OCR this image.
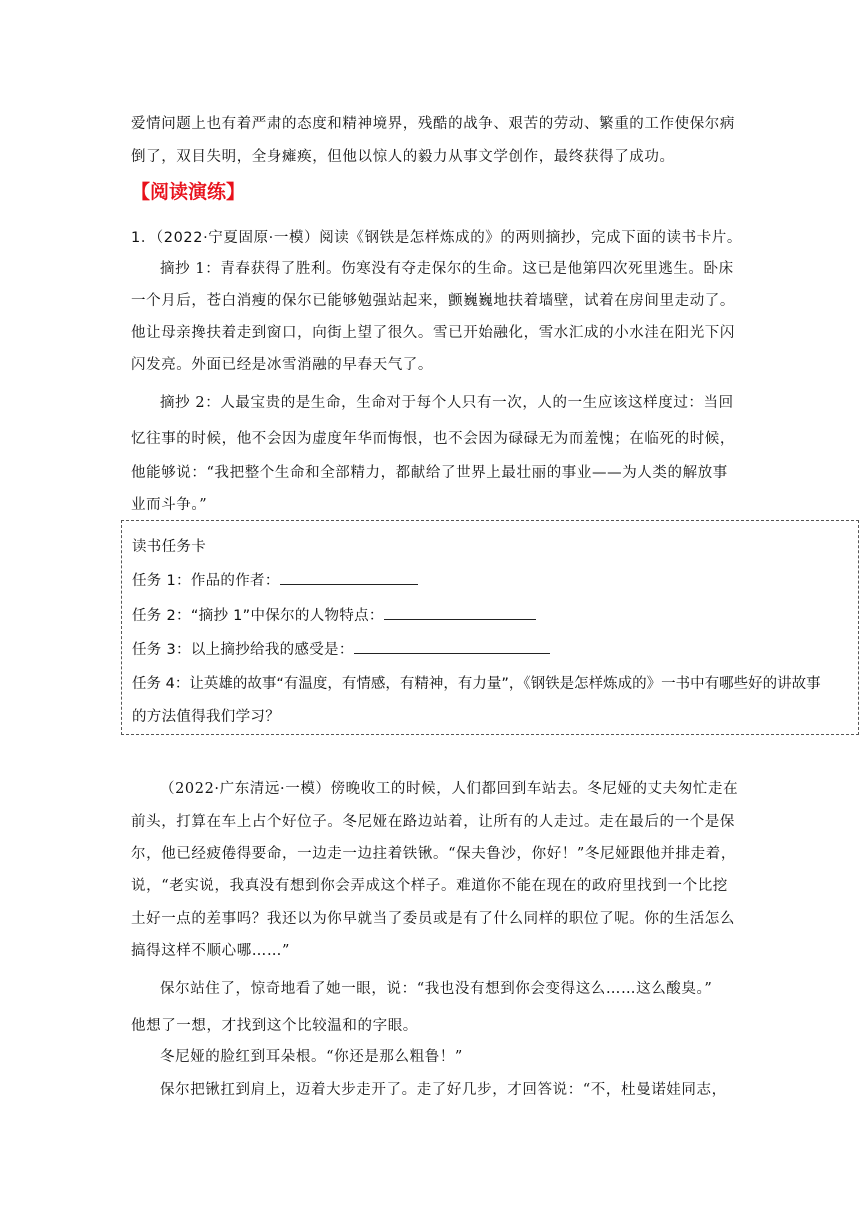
爱情问题上也有着严肃的态度和精神境界，残酷的战争、艰苦的劳动、繁重的工作使保尔病
倒了，双目失明，全身瘫痪，但他以惊人的毅力从事文学创作，最终获得了成功。
【阅读演练】
1．（2022·宁夏固原·一模）阅读《钢铁是怎样炼成的》的两则摘抄，完成下面的读书卡片。
摘抄 1：青春获得了胜利。伤寒没有夺走保尔的生命。这已是他第四次死里逃生。卧床
一个月后，苍白消瘦的保尔已能够勉强站起来，颤巍巍地扶着墙壁，试着在房间里走动了。
他让母亲搀扶着走到窗口，向街上望了很久。雪已开始融化，雪水汇成的小水洼在阳光下闪
闪发亮。外面已经是冰雪消融的早春天气了。
摘抄 2：人最宝贵的是生命，生命对于每个人只有一次，人的一生应该这样度过：当回
忆往事的时候，他不会因为虚度年华而悔恨，也不会因为碌碌无为而羞愧；在临死的时候，
他能够说：“我把整个生命和全部精力，都献给了世界上最壮丽的事业——为人类的解放事
业而斗争。”
读书任务卡
任务 1：作品的作者：
任务 2：“摘抄 1”中保尔的人物特点：
任务 3：以上摘抄给我的感受是：
任务 4：让英雄的故事“有温度，有情感，有精神，有力量”，《钢铁是怎样炼成的》一书中有哪些好的讲故事
的方法值得我们学习？
（2022·广东清远·一模）傍晚收工的时候，人们都回到车站去。冬尼娅的丈夫匆忙走在
前头，打算在车上占个好位子。冬尼娅在路边站着，让所有的人走过。走在最后的一个是保
尔，他已经疲倦得要命，一边走一边拄着铁锹。“保夫鲁沙，你好！”冬尼娅跟他并排走着，
说，“老实说，我真没有想到你会弄成这个样子。难道你不能在现在的政府里找到一个比挖
土好一点的差事吗？我还以为你早就当了委员或是有了什么同样的职位了呢。你的生活怎么
搞得这样不顺心哪……”
保尔站住了，惊奇地看了她一眼，说：“我也没有想到你会变得这么……这么酸臭。”
他想了一想，才找到这个比较温和的字眼。
冬尼娅的脸红到耳朵根。“你还是那么粗鲁！”
保尔把锹扛到肩上，迈着大步走开了。走了好几步，才回答说：“不，杜曼诺娃同志，
